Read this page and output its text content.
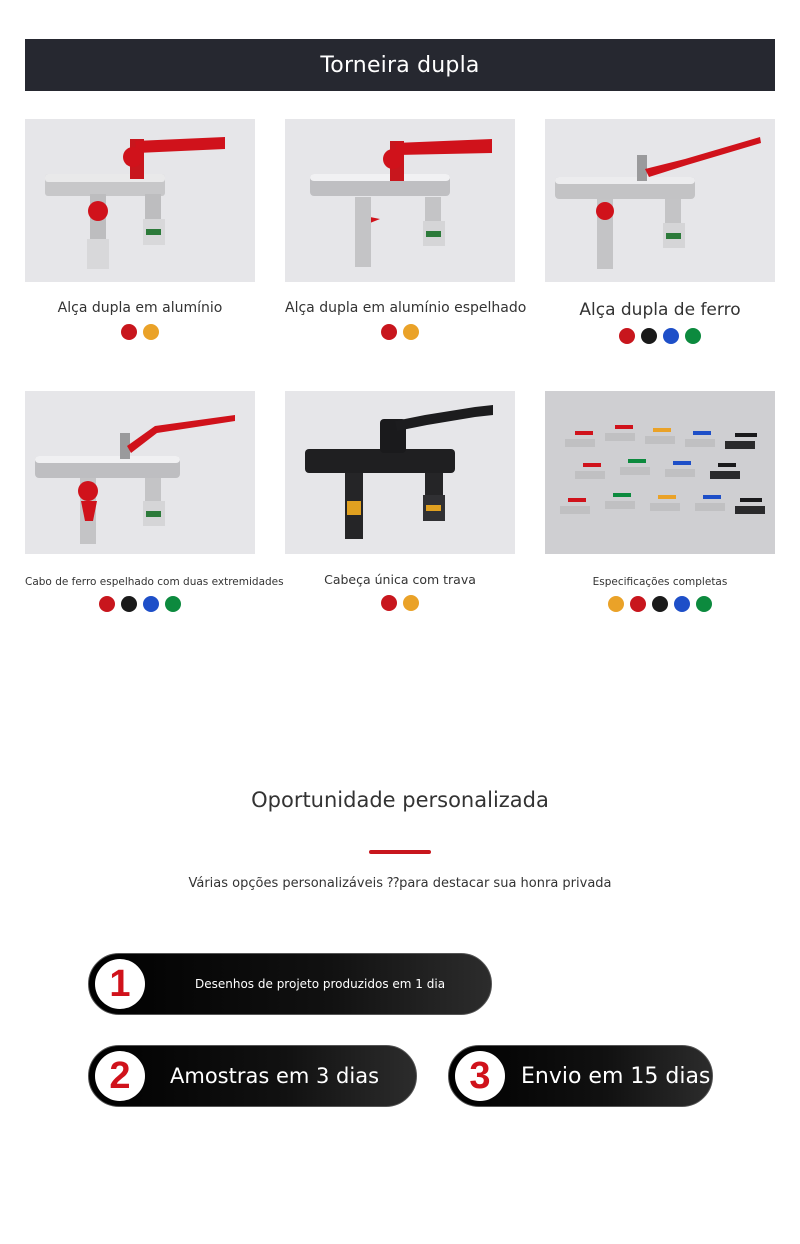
Torneira dupla
Alça dupla em alumínio	Alça dupla em alumínio espelhado	Alça dupla de ferro
Cabo de ferro espelhado com duas extremidades	Cabeça única com trava	Especificações completas
Oportunidade personalizada
Várias opções personalizáveis ⁇para destacar sua honra privada
1	Desenhos de projeto produzidos em 1 dia
2	Amostras em 3 dias	3	Envio em 15 dias
